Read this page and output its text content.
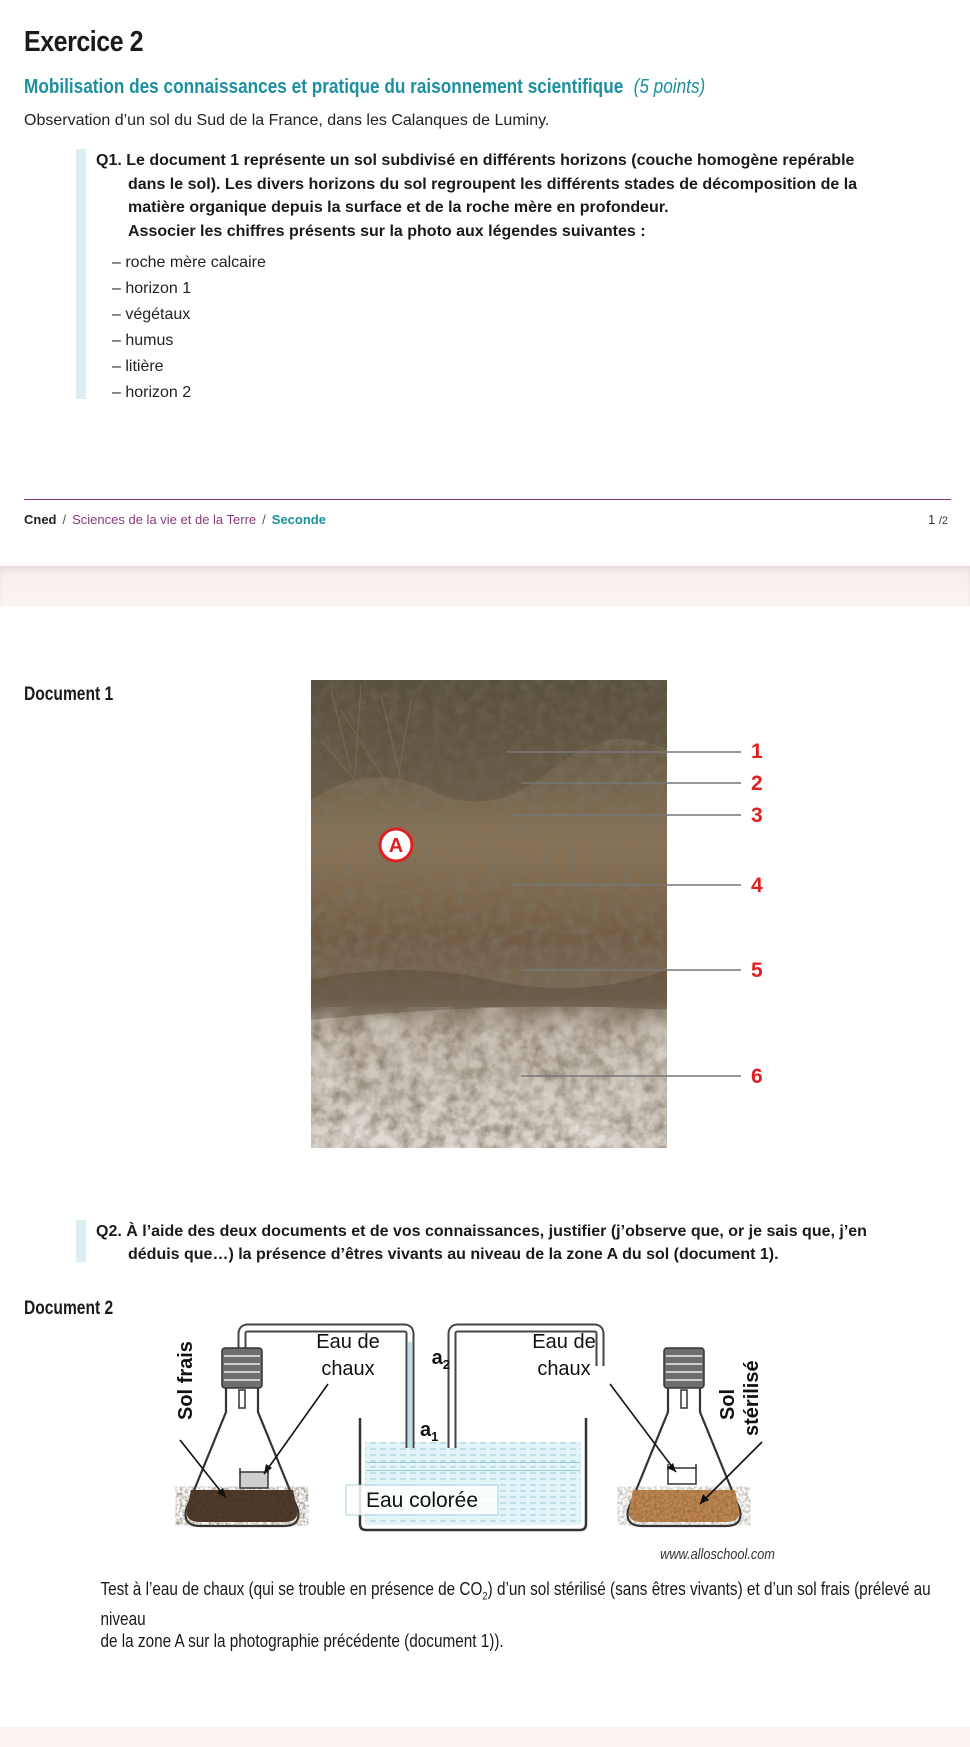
Exercice 2
Mobilisation des connaissances et pratique du raisonnement scientifique (5 points)
Observation d’un sol du Sud de la France, dans les Calanques de Luminy.
Q1. Le document 1 représente un sol subdivisé en différents horizons (couche homogène repérable
dans le sol). Les divers horizons du sol regroupent les différents stades de décomposition de la
matière organique depuis la surface et de la roche mère en profondeur.
Associer les chiffres présents sur la photo aux légendes suivantes :
– roche mère calcaire
– horizon 1
– végétaux
– humus
– litière
– horizon 2
Cned / Sciences de la vie et de la Terre / Seconde	1 /2
Document 1
1
2
3
4
5
6
A
Q2. À l’aide des deux documents et de vos connaissances, justifier (j’observe que, or je sais que, j’en
déduis que…) la présence d’êtres vivants au niveau de la zone A du sol (document 1).
Document 2
Eau colorée
Sol frais	Eau de
chaux
Sol stérilisé
Eau de
chaux
$a_2$
$a_1$
www.alloschool.com
Test à l’eau de chaux (qui se trouble en présence de $CO_2$) d’un sol stérilisé (sans êtres vivants) et d’un sol frais (prélevé au niveau
de la zone A sur la photographie précédente (document 1)).
